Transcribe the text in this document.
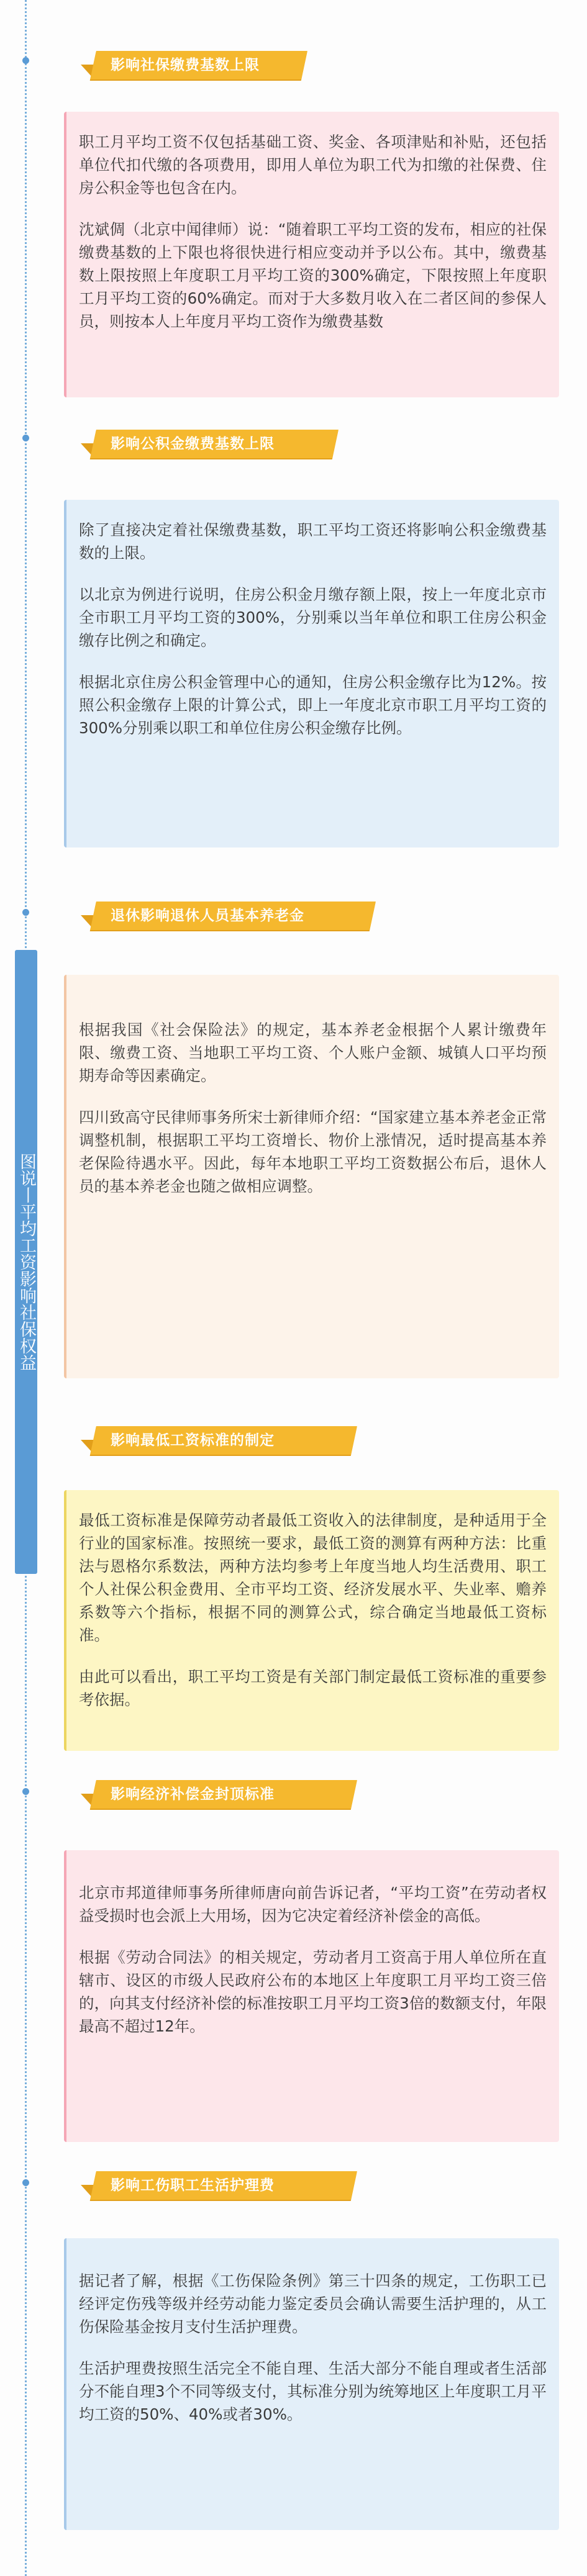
图说丨平均工资影响社保权益
影响社保缴费基数上限

职工月平均工资不仅包括基础工资、奖金、各项津贴和补贴，还包括单位代扣代缴的各项费用，即用人单位为职工代为扣缴的社保费、住房公积金等也包含在内。

沈斌倜（北京中闻律师）说：“随着职工平均工资的发布，相应的社保缴费基数的上下限也将很快进行相应变动并予以公布。其中，缴费基数上限按照上年度职工月平均工资的300%确定，下限按照上年度职工月平均工资的60%确定。而对于大多数月收入在二者区间的参保人员，则按本人上年度月平均工资作为缴费基数

影响公积金缴费基数上限

除了直接决定着社保缴费基数，职工平均工资还将影响公积金缴费基数的上限。

以北京为例进行说明，住房公积金月缴存额上限，按上一年度北京市全市职工月平均工资的300%，分别乘以当年单位和职工住房公积金缴存比例之和确定。

根据北京住房公积金管理中心的通知，住房公积金缴存比为12%。按照公积金缴存上限的计算公式，即上一年度北京市职工月平均工资的300%分别乘以职工和单位住房公积金缴存比例。

退休影响退休人员基本养老金

根据我国《社会保险法》的规定，基本养老金根据个人累计缴费年限、缴费工资、当地职工平均工资、个人账户金额、城镇人口平均预期寿命等因素确定。

四川致高守民律师事务所宋士新律师介绍：“国家建立基本养老金正常调整机制，根据职工平均工资增长、物价上涨情况，适时提高基本养老保险待遇水平。因此，每年本地职工平均工资数据公布后，退休人员的基本养老金也随之做相应调整。

影响最低工资标准的制定

最低工资标准是保障劳动者最低工资收入的法律制度，是种适用于全行业的国家标准。按照统一要求，最低工资的测算有两种方法：比重法与恩格尔系数法，两种方法均参考上年度当地人均生活费用、职工个人社保公积金费用、全市平均工资、经济发展水平、失业率、赡养系数等六个指标，根据不同的测算公式，综合确定当地最低工资标准。

由此可以看出，职工平均工资是有关部门制定最低工资标准的重要参考依据。

影响经济补偿金封顶标准

北京市邦道律师事务所律师唐向前告诉记者，“平均工资”在劳动者权益受损时也会派上大用场，因为它决定着经济补偿金的高低。

根据《劳动合同法》的相关规定，劳动者月工资高于用人单位所在直辖市、设区的市级人民政府公布的本地区上年度职工月平均工资三倍的，向其支付经济补偿的标准按职工月平均工资3倍的数额支付，年限最高不超过12年。

影响工伤职工生活护理费

据记者了解，根据《工伤保险条例》第三十四条的规定，工伤职工已经评定伤残等级并经劳动能力鉴定委员会确认需要生活护理的，从工伤保险基金按月支付生活护理费。

生活护理费按照生活完全不能自理、生活大部分不能自理或者生活部分不能自理3个不同等级支付，其标准分别为统筹地区上年度职工月平均工资的50%、40%或者30%。
